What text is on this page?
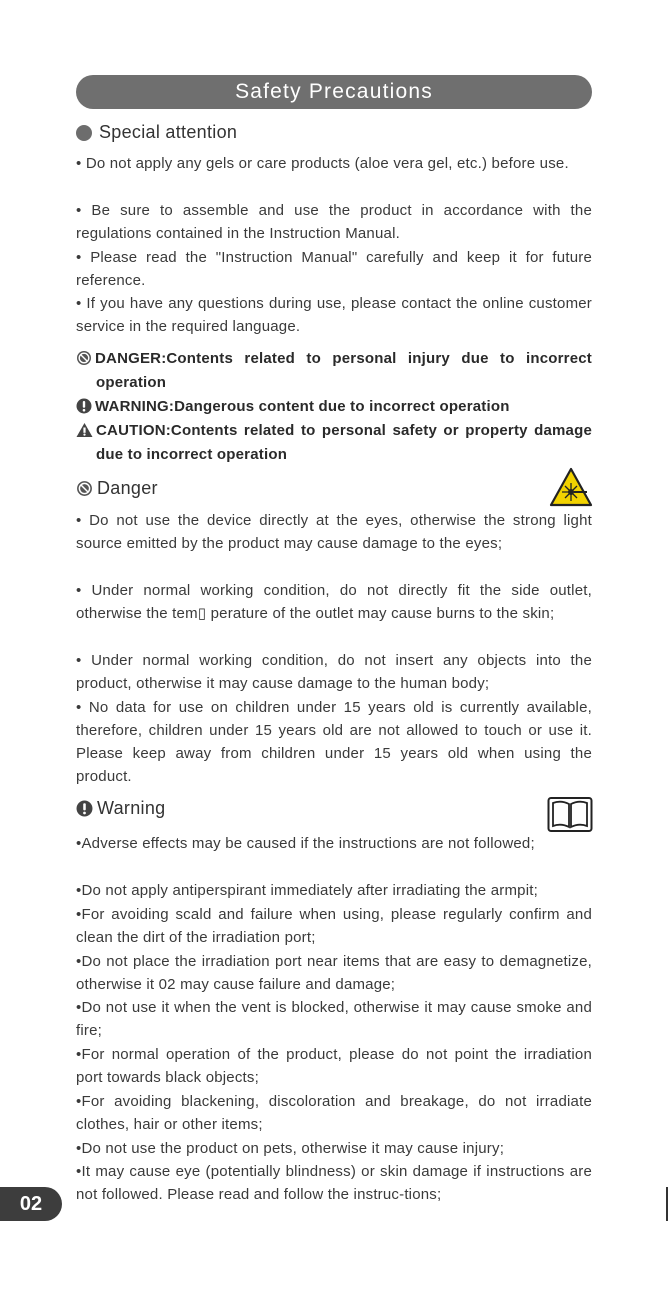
Safety Precautions
Special attention
• Do not apply any gels or care products (aloe vera gel, etc.) before use.
• Be sure to assemble and use the product in accordance with the regulations contained in the Instruction Manual.
• Please read the "Instruction Manual" carefully and keep it for future reference.
• If you have any questions during use, please contact the online customer service in the required language.
DANGER:Contents related to personal injury due to incorrect operation
WARNING:Dangerous content due to incorrect operation
CAUTION:Contents related to personal safety or property damage due to incorrect operation
Danger
• Do not use the device directly at the eyes, otherwise the strong light source emitted by the product may cause damage to the eyes;
• Under normal working condition, do not directly fit the side outlet, otherwise the tem▯ perature of the outlet may cause burns to the skin;
• Under normal working condition, do not insert any objects into the product, otherwise it may cause damage to the human body;
• No data for use on children under 15 years old is currently available, therefore, children under 15 years old are not allowed to touch or use it. Please keep away from children under 15 years old when using the product.
Warning
•Adverse effects may be caused if the instructions are not followed;
•Do not apply antiperspirant immediately after irradiating the armpit;
•For avoiding scald and failure when using, please regularly confirm and clean the dirt of the irradiation port;
•Do not place the irradiation port near items that are easy to demagnetize, otherwise it 02 may cause failure and damage;
•Do not use it when the vent is blocked, otherwise it may cause smoke and fire;
•For normal operation of the product, please do not point the irradiation port towards black objects;
•For avoiding blackening, discoloration and breakage, do not irradiate clothes, hair or other items;
•Do not use the product on pets, otherwise it may cause injury;
•It may cause eye (potentially blindness) or skin damage if instructions are not followed. Please read and follow the instruc-tions;
02
